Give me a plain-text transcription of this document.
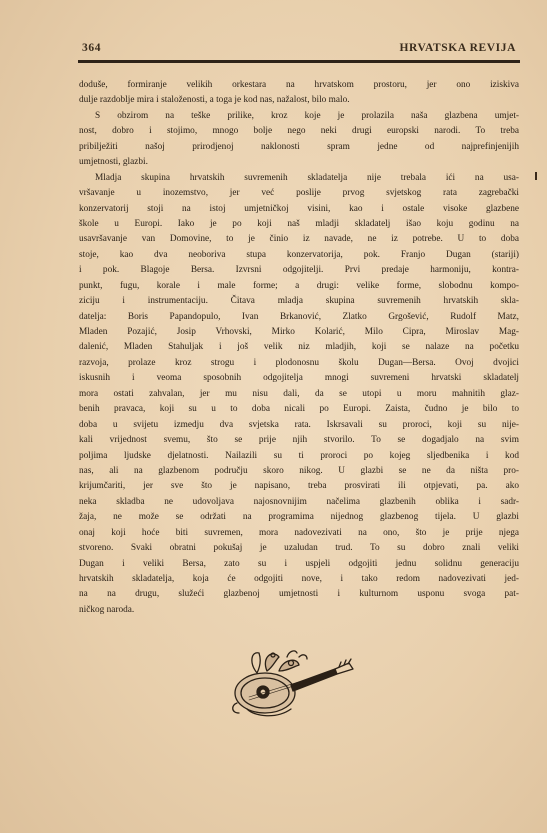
364	HRVATSKA REVIJA
doduše, formiranje velikih orkestara na hrvatskom prostoru, jer ono iziskiva
dulje razdoblje mira i staloženosti, a toga je kod nas, nažalost, bilo malo.
S obzirom na teške prilike, kroz koje je prolazila naša glazbena umjet-
nost, dobro i stojimo, mnogo bolje nego neki drugi europski narodi. To treba
pribilježiti našoj prirodjenoj naklonosti spram jedne od najprefinjenijih
umjetnosti, glazbi.
Mladja skupina hrvatskih suvremenih skladatelja nije trebala ići na usa-
vršavanje u inozemstvo, jer već poslije prvog svjetskog rata zagrebački
konzervatorij stoji na istoj umjetničkoj visini, kao i ostale visoke glazbene
škole u Europi. Iako je po koji naš mladji skladatelj išao koju godinu na
usavršavanje van Domovine, to je činio iz navade, ne iz potrebe. U to doba
stoje, kao dva neoboriva stupa konzervatorija, pok. Franjo Dugan (stariji)
i pok. Blagoje Bersa. Izvrsni odgojitelji. Prvi predaje harmoniju, kontra-
punkt, fugu, korale i male forme; a drugi: velike forme, slobodnu kompo-
ziciju i instrumentaciju. Čitava mladja skupina suvremenih hrvatskih skla-
datelja: Boris Papandopulo, Ivan Brkanović, Zlatko Grgošević, Rudolf Matz,
Mladen Pozajić, Josip Vrhovski, Mirko Kolarić, Milo Cipra, Miroslav Mag-
dalenić, Mladen Stahuljak i još velik niz mladjih, koji se nalaze na početku
razvoja, prolaze kroz strogu i plodonosnu školu Dugan—Bersa. Ovoj dvojici
iskusnih i veoma sposobnih odgojitelja mnogi suvremeni hrvatski skladatelj
mora ostati zahvalan, jer mu nisu dali, da se utopi u moru mahnitih glaz-
benih pravaca, koji su u to doba nicali po Europi. Zaista, čudno je bilo to
doba u svijetu izmedju dva svjetska rata. Iskrsavali su proroci, koji su nije-
kali vrijednost svemu, što se prije njih stvorilo. To se dogadjalo na svim
poljima ljudske djelatnosti. Nailazili su ti proroci po kojeg sljedbenika i kod
nas, ali na glazbenom području skoro nikog. U glazbi se ne da ništa pro-
krijumčariti, jer sve što je napisano, treba prosvirati ili otpjevati, pa. ako
neka skladba ne udovoljava najosnovnijim načelima glazbenih oblika i sadr-
žaja, ne može se održati na programima nijednog glazbenog tijela. U glazbi
onaj koji hoće biti suvremen, mora nadovezivati na ono, što je prije njega
stvoreno. Svaki obratni pokušaj je uzaludan trud. To su dobro znali veliki
Dugan i veliki Bersa, zato su i uspjeli odgojiti jednu solidnu generaciju
hrvatskih skladatelja, koja će odgojiti nove, i tako redom nadovezivati jed-
na na drugu, služeći glazbenoj umjetnosti i kulturnom usponu svoga pat-
ničkog naroda.
